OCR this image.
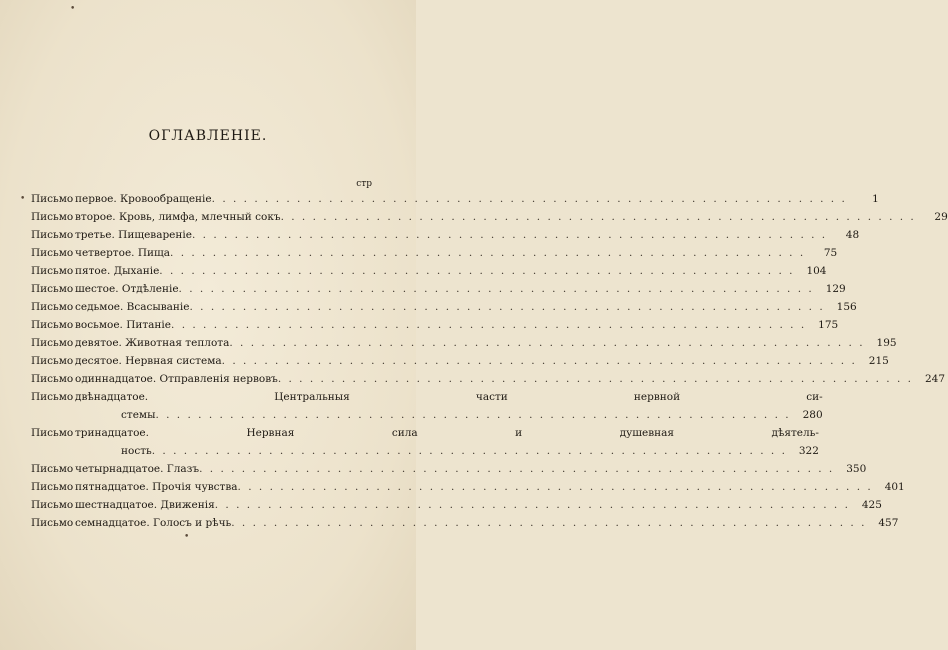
•
ОГЛАВЛЕНІЕ.
стр
• Письмо первое. Кровообращеніе . . . . . . . . . . . . . . . . . . . . . . . . . . . . . . . . . . . . . . . . . . . . . . . . . . . . . . . . . . . .	1
Письмо второе. Кровь, лимфа, млечный сокъ . . . . . . . . . . . . . . . . . . . . . . . . . . . . . . . . . . . . . . . . . . . . . . . . . . . . . . . . . . . .	29
Письмо третье. Пищевареніе . . . . . . . . . . . . . . . . . . . . . . . . . . . . . . . . . . . . . . . . . . . . . . . . . . . . . . . . . . . .	48
Письмо четвертое. Пища . . . . . . . . . . . . . . . . . . . . . . . . . . . . . . . . . . . . . . . . . . . . . . . . . . . . . . . . . . . .	75
Письмо пятое. Дыханіе . . . . . . . . . . . . . . . . . . . . . . . . . . . . . . . . . . . . . . . . . . . . . . . . . . . . . . . . . . . .	104
Письмо шестое. Отдѣленіе . . . . . . . . . . . . . . . . . . . . . . . . . . . . . . . . . . . . . . . . . . . . . . . . . . . . . . . . . . . .	129
Письмо седьмое. Всасываніе . . . . . . . . . . . . . . . . . . . . . . . . . . . . . . . . . . . . . . . . . . . . . . . . . . . . . . . . . . . .	156
Письмо восьмое. Питаніе . . . . . . . . . . . . . . . . . . . . . . . . . . . . . . . . . . . . . . . . . . . . . . . . . . . . . . . . . . . .	175
Письмо девятое. Животная теплота . . . . . . . . . . . . . . . . . . . . . . . . . . . . . . . . . . . . . . . . . . . . . . . . . . . . . . . . . . . .	195
Письмо десятое. Нервная система . . . . . . . . . . . . . . . . . . . . . . . . . . . . . . . . . . . . . . . . . . . . . . . . . . . . . . . . . . . .	215
Письмо одиннадцатое. Отправленія нервовъ . . . . . . . . . . . . . . . . . . . . . . . . . . . . . . . . . . . . . . . . . . . . . . . . . . . . . . . . . . . .	247
Письмо двѣнадцатое. Центральныя части нервной си-
стемы . . . . . . . . . . . . . . . . . . . . . . . . . . . . . . . . . . . . . . . . . . . . . . . . . . . . . . . . . . . .	280
Письмо тринадцатое. Нервная сила и душевная дѣятель-
ность . . . . . . . . . . . . . . . . . . . . . . . . . . . . . . . . . . . . . . . . . . . . . . . . . . . . . . . . . . . .	322
Письмо четырнадцатое. Глазъ . . . . . . . . . . . . . . . . . . . . . . . . . . . . . . . . . . . . . . . . . . . . . . . . . . . . . . . . . . . .	350
Письмо пятнадцатое. Прочія чувства . . . . . . . . . . . . . . . . . . . . . . . . . . . . . . . . . . . . . . . . . . . . . . . . . . . . . . . . . . . .	401
Письмо шестнадцатое. Движенія . . . . . . . . . . . . . . . . . . . . . . . . . . . . . . . . . . . . . . . . . . . . . . . . . . . . . . . . . . . .	425
Письмо семнадцатое. Голосъ и рѣчь . . . . . . . . . . . . . . . . . . . . . . . . . . . . . . . . . . . . . . . . . . . . . . . . . . . . . . . . . . . .	457
•
